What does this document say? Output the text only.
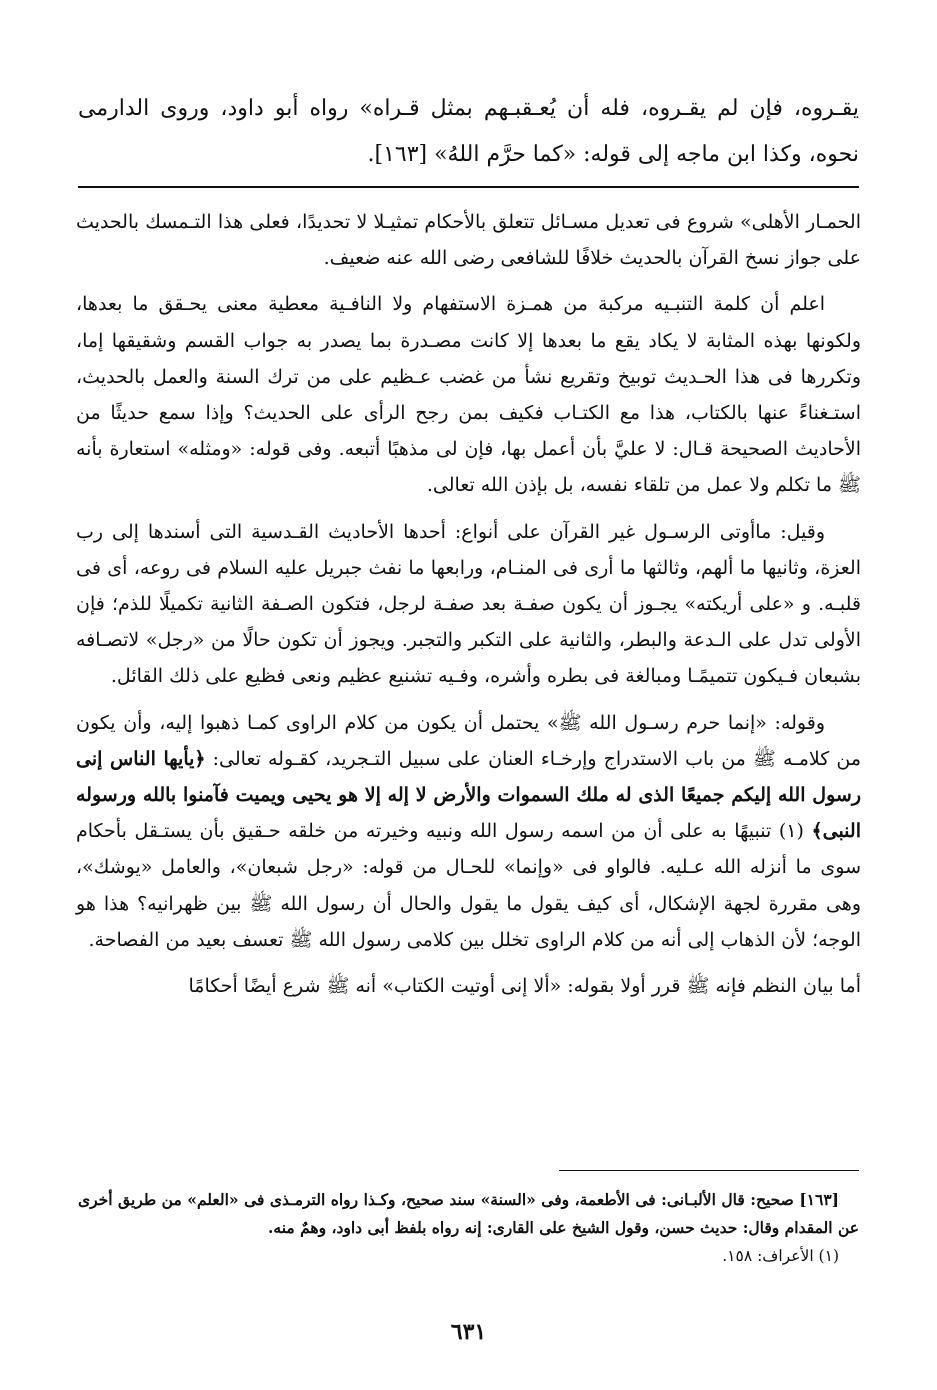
يقـروه، فإن لم يقـروه، فله أن يُعـقبـهم بمثل قـراه» رواه أبو داود، وروى الدارمى نحوه، وكذا ابن ماجه إلى قوله: «كما حرَّم اللهُ» [١٦٣].

الحمـار الأهلى» شروع فى تعديل مسـائل تتعلق بالأحكام تمثيـلا لا تحديدًا، فعلى هذا التـمسك بالحديث على جواز نسخ القرآن بالحديث خلافًا للشافعى رضى الله عنه ضعيف.

اعلم أن كلمة التنبـيه مركبة من همـزة الاستفهام ولا النافـية معطية معنى يحـقق ما بعدها، ولكونها بهذه المثابة لا يكاد يقع ما بعدها إلا كانت مصـدرة بما يصدر به جواب القسم وشقيقها إما، وتكررها فى هذا الحـديث توبيخ وتقريع نشأ من غضب عـظيم على من ترك السنة والعمل بالحديث، استـغناءً عنها بالكتاب، هذا مع الكتـاب فكيف بمن رجح الرأى على الحديث؟ وإذا سمع حديثًا من الأحاديث الصحيحة قـال: لا عليَّ بأن أعمل بها، فإن لى مذهبًا أتبعه. وفى قوله: «ومثله» استعارة بأنه ﷺ ما تكلم ولا عمل من تلقاء نفسه، بل بإذن الله تعالى.

وقيل: ماأوتى الرسـول غير القرآن على أنواع: أحدها الأحاديث القـدسية التى أسندها إلى رب العزة، وثانيها ما ألهم، وثالثها ما أرى فى المنـام، ورابعها ما نفث جبريل عليه السلام فى روعه، أى فى قلبـه. و «على أريكته» يجـوز أن يكون صفـة بعد صفـة لرجل، فتكون الصـفة الثانية تكميلًا للذم؛ فإن الأولى تدل على الـدعة والبطر، والثانية على التكبر والتجبر. ويجوز أن تكون حالًا من «رجل» لاتصـافه بشبعان فـيكون تتميمًـا ومبالغة فى بطره وأشره، وفـيه تشنيع عظيم ونعى فظيع على ذلك القائل.

وقوله: «إنما حرم رسـول الله ﷺ» يحتمل أن يكون من كلام الراوى كمـا ذهبوا إليه، وأن يكون من كلامـه ﷺ من باب الاستدراج وإرخـاء العنان على سبيل التـجريد، كقـوله تعالى: ﴿يأيها الناس إنى رسول الله إليكم جميعًا الذى له ملك السموات والأرض لا إله إلا هو يحيى ويميت فآمنوا بالله ورسوله النبى﴾ (١) تنبيهًا به على أن من اسمه رسول الله ونبيه وخيرته من خلقه حـقيق بأن يستـقل بأحكام سوى ما أنزله الله عـليه. فالواو فى «وإنما» للحـال من قوله: «رجل شبعان»، والعامل «يوشك»، وهى مقررة لجهة الإشكال، أى كيف يقول ما يقول والحال أن رسول الله ﷺ بين ظهرانيه؟ هذا هو الوجه؛ لأن الذهاب إلى أنه من كلام الراوى تخلل بين كلامى رسول الله ﷺ تعسف بعيد من الفصاحة.

أما بيان النظم فإنه ﷺ قرر أولا بقوله: «ألا إنى أوتيت الكتاب» أنه ﷺ شرع أيضًا أحكامًا

[١٦٣] صحيح: قال الألبـانى: فى الأطعمة، وفى «السنة» سند صحيح، وكـذا رواه الترمـذى فى «العلم» من طريق أخرى عن المقدام وقال: حديث حسن، وقول الشيخ على القارى: إنه رواه بلفظ أبى داود، وهمٌ منه.

(١) الأعراف: ١٥٨.

٦٣١
